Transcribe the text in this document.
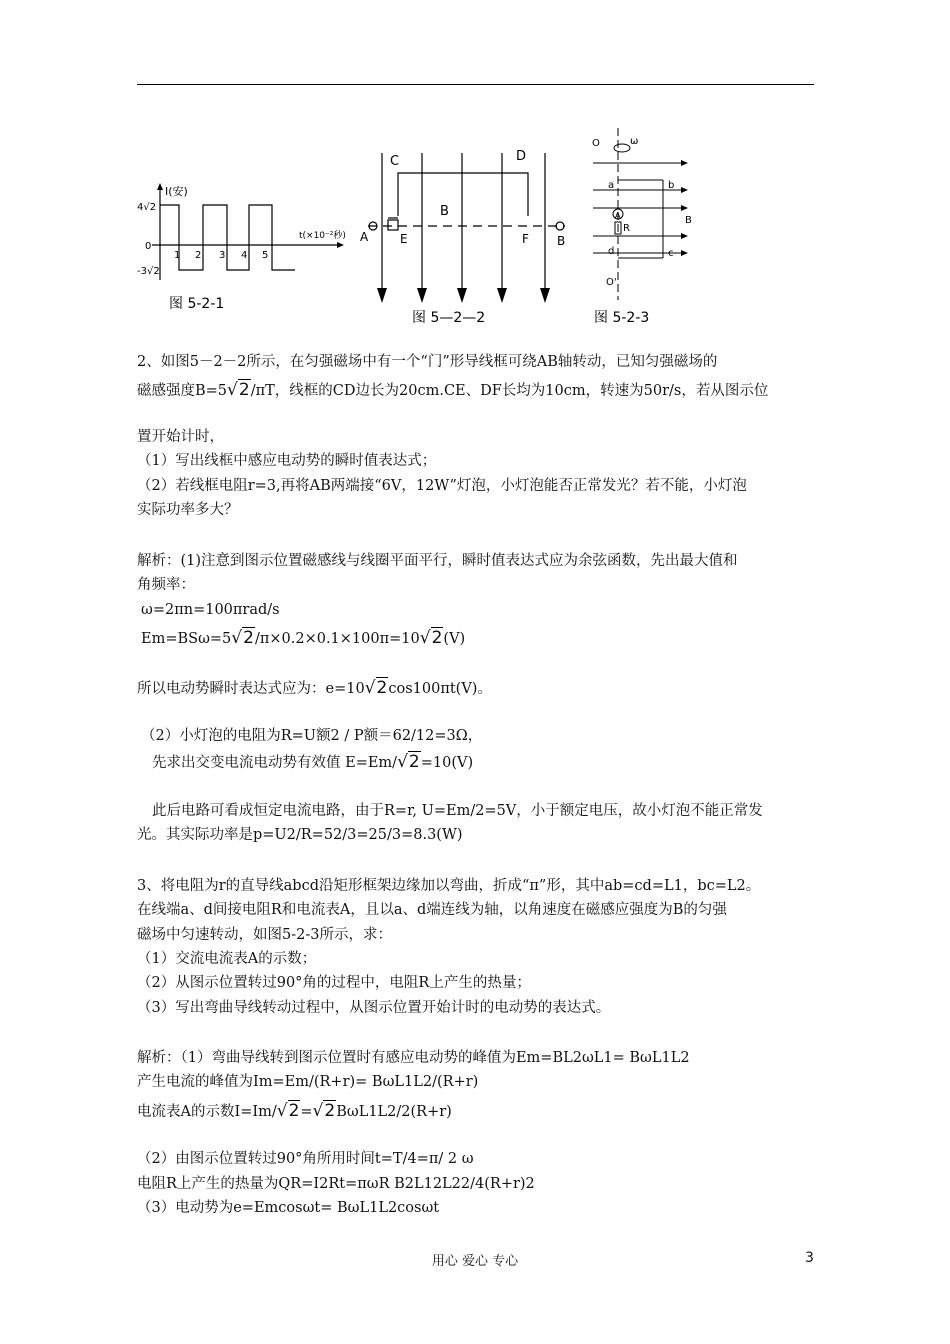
I(安)
t(×10⁻²秒)
4√2
0
-3√2
1 2 3 4 5
图 5-2-1
C	D
B
A	E	F B
图 5—2—2
O	ω
a	b
A
R
B
d	c
O'
图 5-2-3
2、如图5－2－2所示，在匀强磁场中有一个“门”形导线框可绕AB轴转动，已知匀强磁场的
磁感强度B=5√2/πT，线框的CD边长为20cm.CE、DF长均为10cm，转速为50r/s，若从图示位
置开始计时，
（1）写出线框中感应电动势的瞬时值表达式；
（2）若线框电阻r=3,再将AB两端接“6V，12W”灯泡，小灯泡能否正常发光？若不能，小灯泡
实际功率多大？
解析：(1)注意到图示位置磁感线与线圈平面平行，瞬时值表达式应为余弦函数，先出最大值和
角频率：
ω=2πn=100πrad/s
Em=BSω=5√2/π×0.2×0.1×100π=10√2(V)
所以电动势瞬时表达式应为：e=10√2cos100πt(V)。
（2）小灯泡的电阻为R=U额2 / P额＝62/12=3Ω，
先求出交变电流电动势有效值 E=Em/√2=10(V)
此后电路可看成恒定电流电路，由于R=r, U=Em/2=5V，小于额定电压，故小灯泡不能正常发
光。其实际功率是p=U2/R=52/3=25/3=8.3(W)
3、将电阻为r的直导线abcd沿矩形框架边缘加以弯曲，折成“π”形，其中ab=cd=L1，bc=L2。
在线端a、d间接电阻R和电流表A，且以a、d端连线为轴，以角速度在磁感应强度为B的匀强
磁场中匀速转动，如图5-2-3所示，求：
（1）交流电流表A的示数；
（2）从图示位置转过90°角的过程中，电阻R上产生的热量；
（3）写出弯曲导线转动过程中，从图示位置开始计时的电动势的表达式。
解析：（1）弯曲导线转到图示位置时有感应电动势的峰值为Em=BL2ωL1= BωL1L2
产生电流的峰值为Im=Em/(R+r)= BωL1L2/(R+r)
电流表A的示数I=Im/√2=√2BωL1L2/2(R+r)
（2）由图示位置转过90°角所用时间t=T/4=π/ 2 ω
电阻R上产生的热量为QR=I2Rt=πωR B2L12L22/4(R+r)2
（3）电动势为e=Emcosωt= BωL1L2cosωt
用心 爱心 专心	3
